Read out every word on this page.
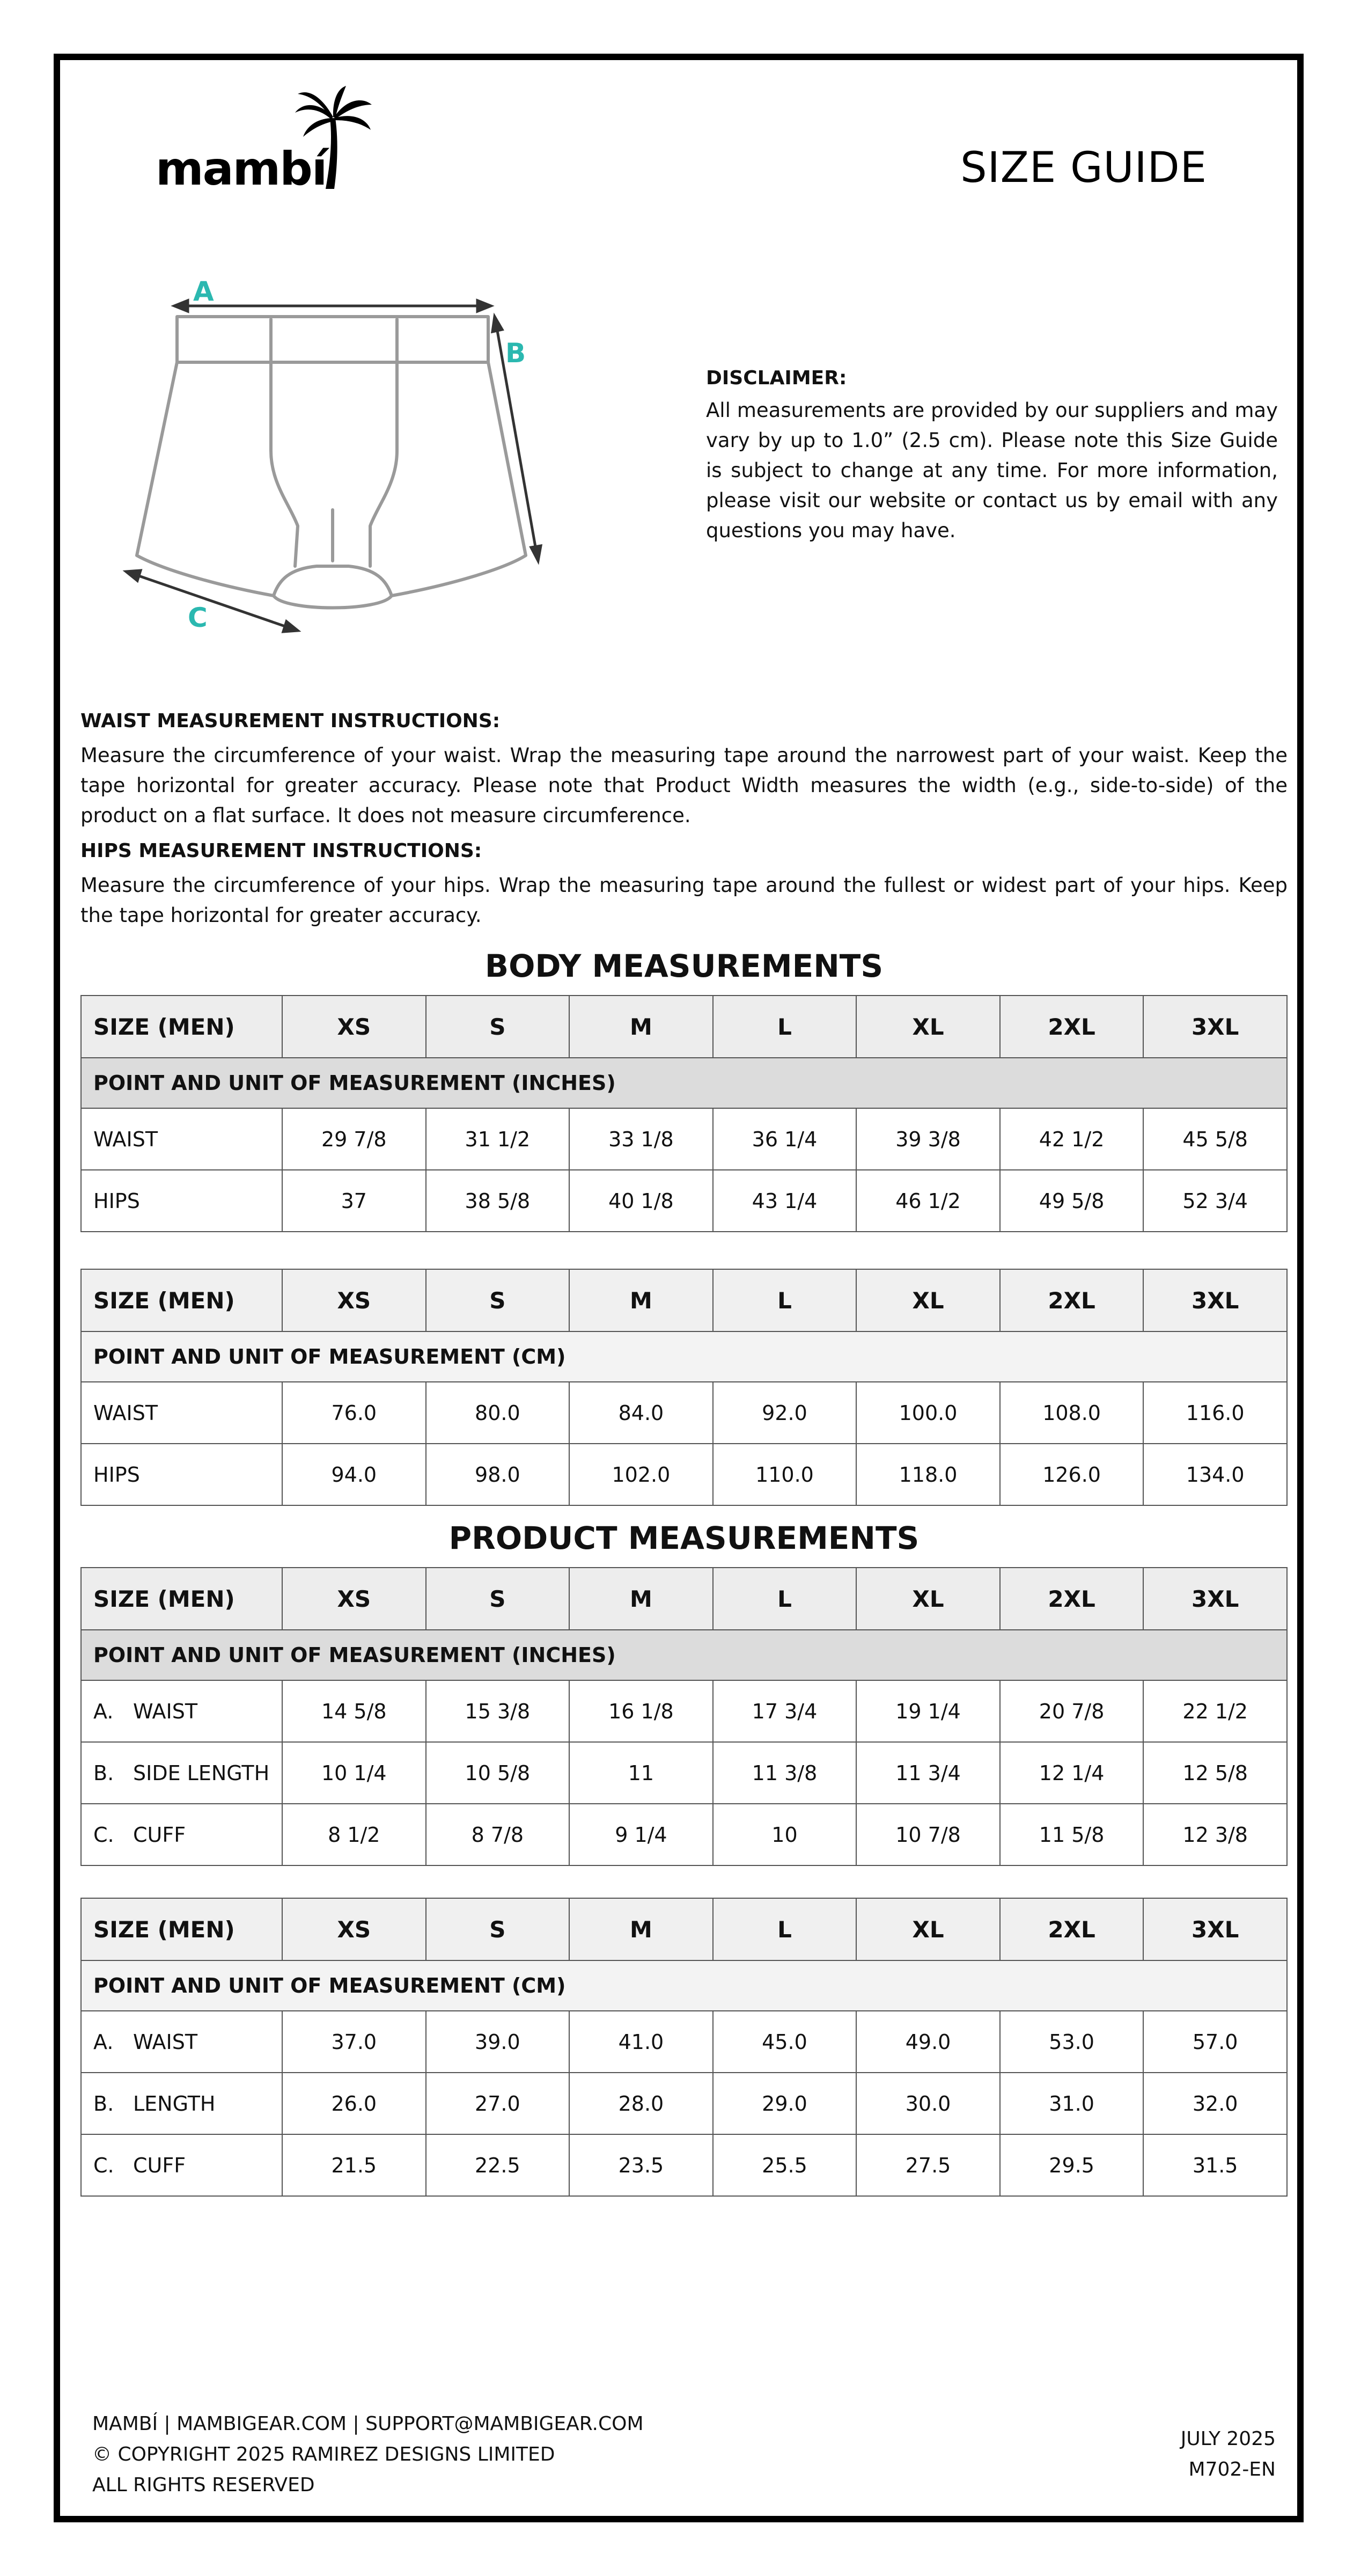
mambí	SIZE GUIDE
A
B
C
DISCLAIMER:

All measurements are provided by our suppliers and may vary by up to 1.0” (2.5 cm). Please note this Size Guide is subject to change at any time. For more information, please visit our website or contact us by email with any questions you may have.

WAIST MEASUREMENT INSTRUCTIONS:

Measure the circumference of your waist. Wrap the measuring tape around the narrowest part of your waist. Keep the tape horizontal for greater accuracy. Please note that Product Width measures the width (e.g., side-to-side) of the product on a flat surface. It does not measure circumference.

HIPS MEASUREMENT INSTRUCTIONS:

Measure the circumference of your hips. Wrap the measuring tape around the fullest or widest part of your hips. Keep the tape horizontal for greater accuracy.

BODY MEASUREMENTS
SIZE (MEN)	XS	S	M	L	XL	2XL	3XL
POINT AND UNIT OF MEASUREMENT (INCHES)							
WAIST	29 7/8	31 1/2	33 1/8	36 1/4	39 3/8	42 1/2	45 5/8
HIPS	37	38 5/8	40 1/8	43 1/4	46 1/2	49 5/8	52 3/4
SIZE (MEN)	XS	S	M	L	XL	2XL	3XL
POINT AND UNIT OF MEASUREMENT (CM)							
WAIST	76.0	80.0	84.0	92.0	100.0	108.0	116.0
HIPS	94.0	98.0	102.0	110.0	118.0	126.0	134.0
PRODUCT MEASUREMENTS
SIZE (MEN)	XS	S	M	L	XL	2XL	3XL
POINT AND UNIT OF MEASUREMENT (INCHES)							
A. WAIST	14 5/8	15 3/8	16 1/8	17 3/4	19 1/4	20 7/8	22 1/2
B. SIDE LENGTH	10 1/4	10 5/8	11	11 3/8	11 3/4	12 1/4	12 5/8
C. CUFF	8 1/2	8 7/8	9 1/4	10	10 7/8	11 5/8	12 3/8
SIZE (MEN)	XS	S	M	L	XL	2XL	3XL
POINT AND UNIT OF MEASUREMENT (CM)							
A. WAIST	37.0	39.0	41.0	45.0	49.0	53.0	57.0
B. LENGTH	26.0	27.0	28.0	29.0	30.0	31.0	32.0
C. CUFF	21.5	22.5	23.5	25.5	27.5	29.5	31.5
MAMBÍ | MAMBIGEAR.COM | SUPPORT@MAMBIGEAR.COM
© COPYRIGHT 2025 RAMIREZ DESIGNS LIMITED
ALL RIGHTS RESERVED
JULY 2025
M702-EN
